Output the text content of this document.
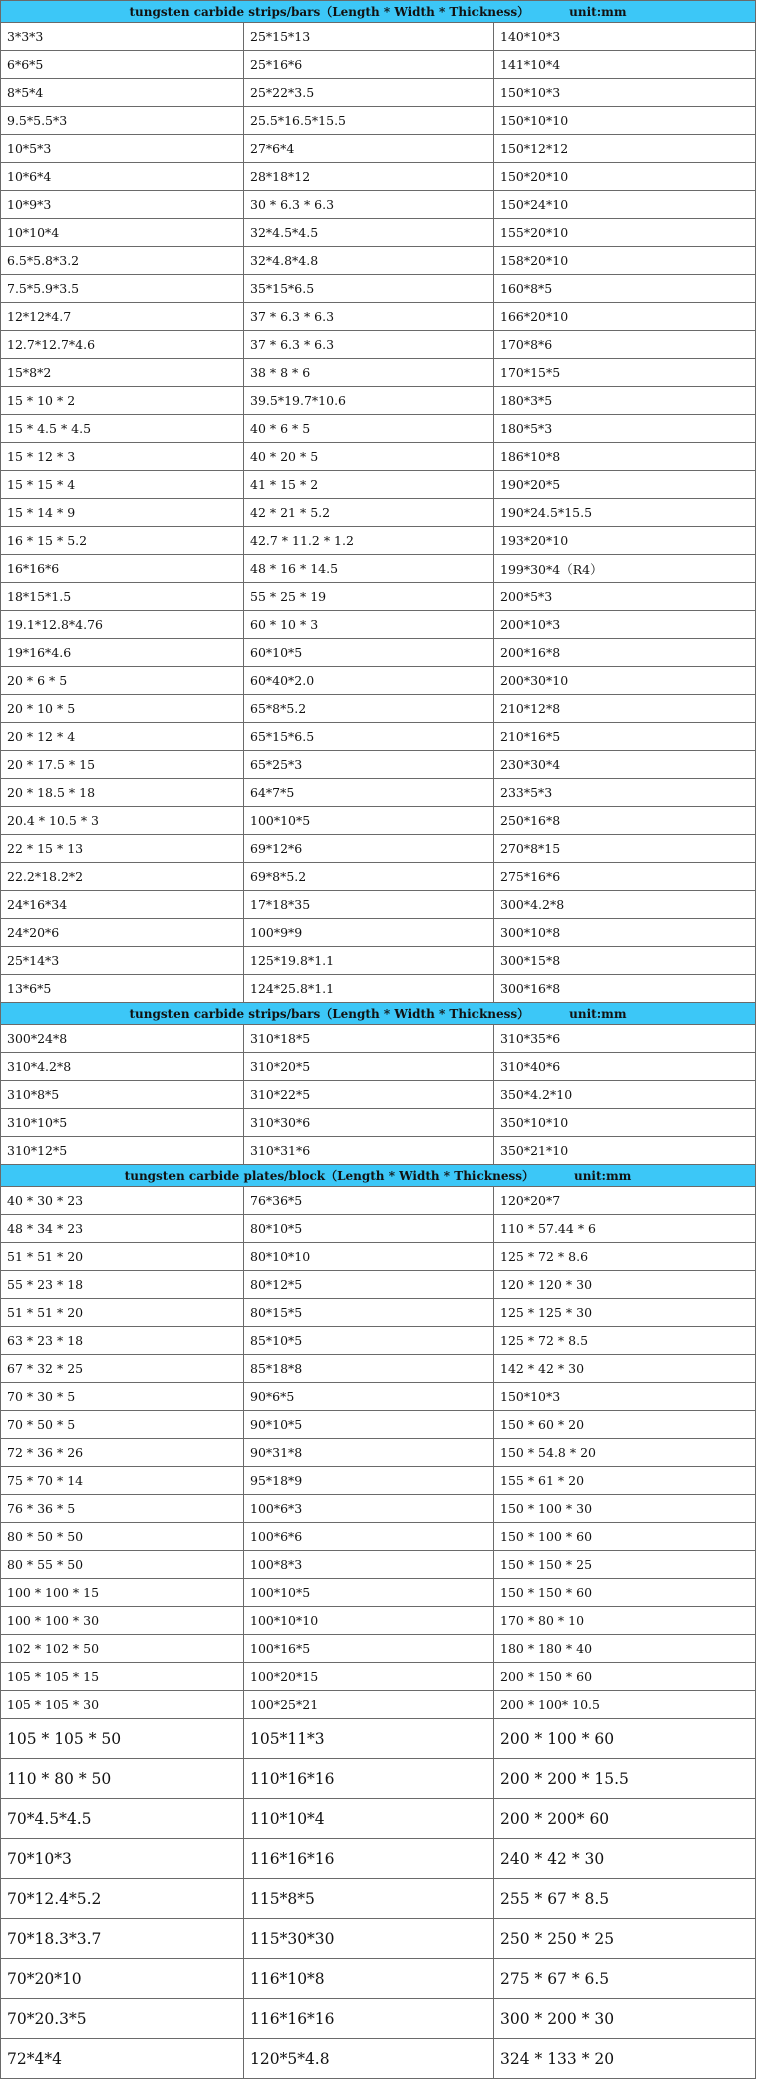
tungsten carbide strips/bars（Length * Width * Thickness） unit:mm		
3*3*3	25*15*13	140*10*3
6*6*5	25*16*6	141*10*4
8*5*4	25*22*3.5	150*10*3
9.5*5.5*3	25.5*16.5*15.5	150*10*10
10*5*3	27*6*4	150*12*12
10*6*4	28*18*12	150*20*10
10*9*3	30 * 6.3 * 6.3	150*24*10
10*10*4	32*4.5*4.5	155*20*10
6.5*5.8*3.2	32*4.8*4.8	158*20*10
7.5*5.9*3.5	35*15*6.5	160*8*5
12*12*4.7	37 * 6.3 * 6.3	166*20*10
12.7*12.7*4.6	37 * 6.3 * 6.3	170*8*6
15*8*2	38 * 8 * 6	170*15*5
15 * 10 * 2	39.5*19.7*10.6	180*3*5
15 * 4.5 * 4.5	40 * 6 * 5	180*5*3
15 * 12 * 3	40 * 20 * 5	186*10*8
15 * 15 * 4	41 * 15 * 2	190*20*5
15 * 14 * 9	42 * 21 * 5.2	190*24.5*15.5
16 * 15 * 5.2	42.7 * 11.2 * 1.2	193*20*10
16*16*6	48 * 16 * 14.5	199*30*4（R4）
18*15*1.5	55 * 25 * 19	200*5*3
19.1*12.8*4.76	60 * 10 * 3	200*10*3
19*16*4.6	60*10*5	200*16*8
20 * 6 * 5	60*40*2.0	200*30*10
20 * 10 * 5	65*8*5.2	210*12*8
20 * 12 * 4	65*15*6.5	210*16*5
20 * 17.5 * 15	65*25*3	230*30*4
20 * 18.5 * 18	64*7*5	233*5*3
20.4 * 10.5 * 3	100*10*5	250*16*8
22 * 15 * 13	69*12*6	270*8*15
22.2*18.2*2	69*8*5.2	275*16*6
24*16*34	17*18*35	300*4.2*8
24*20*6	100*9*9	300*10*8
25*14*3	125*19.8*1.1	300*15*8
13*6*5	124*25.8*1.1	300*16*8
tungsten carbide strips/bars（Length * Width * Thickness） unit:mm		
300*24*8	310*18*5	310*35*6
310*4.2*8	310*20*5	310*40*6
310*8*5	310*22*5	350*4.2*10
310*10*5	310*30*6	350*10*10
310*12*5	310*31*6	350*21*10
tungsten carbide plates/block（Length * Width * Thickness） unit:mm		
40 * 30 * 23	76*36*5	120*20*7
48 * 34 * 23	80*10*5	110 * 57.44 * 6
51 * 51 * 20	80*10*10	125 * 72 * 8.6
55 * 23 * 18	80*12*5	120 * 120 * 30
51 * 51 * 20	80*15*5	125 * 125 * 30
63 * 23 * 18	85*10*5	125 * 72 * 8.5
67 * 32 * 25	85*18*8	142 * 42 * 30
70 * 30 * 5	90*6*5	150*10*3
70 * 50 * 5	90*10*5	150 * 60 * 20
72 * 36 * 26	90*31*8	150 * 54.8 * 20
75 * 70 * 14	95*18*9	155 * 61 * 20
76 * 36 * 5	100*6*3	150 * 100 * 30
80 * 50 * 50	100*6*6	150 * 100 * 60
80 * 55 * 50	100*8*3	150 * 150 * 25
100 * 100 * 15	100*10*5	150 * 150 * 60
100 * 100 * 30	100*10*10	170 * 80 * 10
102 * 102 * 50	100*16*5	180 * 180 * 40
105 * 105 * 15	100*20*15	200 * 150 * 60
105 * 105 * 30	100*25*21	200 * 100* 10.5
105 * 105 * 50	105*11*3	200 * 100 * 60
110 * 80 * 50	110*16*16	200 * 200 * 15.5
70*4.5*4.5	110*10*4	200 * 200* 60
70*10*3	116*16*16	240 * 42 * 30
70*12.4*5.2	115*8*5	255 * 67 * 8.5
70*18.3*3.7	115*30*30	250 * 250 * 25
70*20*10	116*10*8	275 * 67 * 6.5
70*20.3*5	116*16*16	300 * 200 * 30
72*4*4	120*5*4.8	324 * 133 * 20
